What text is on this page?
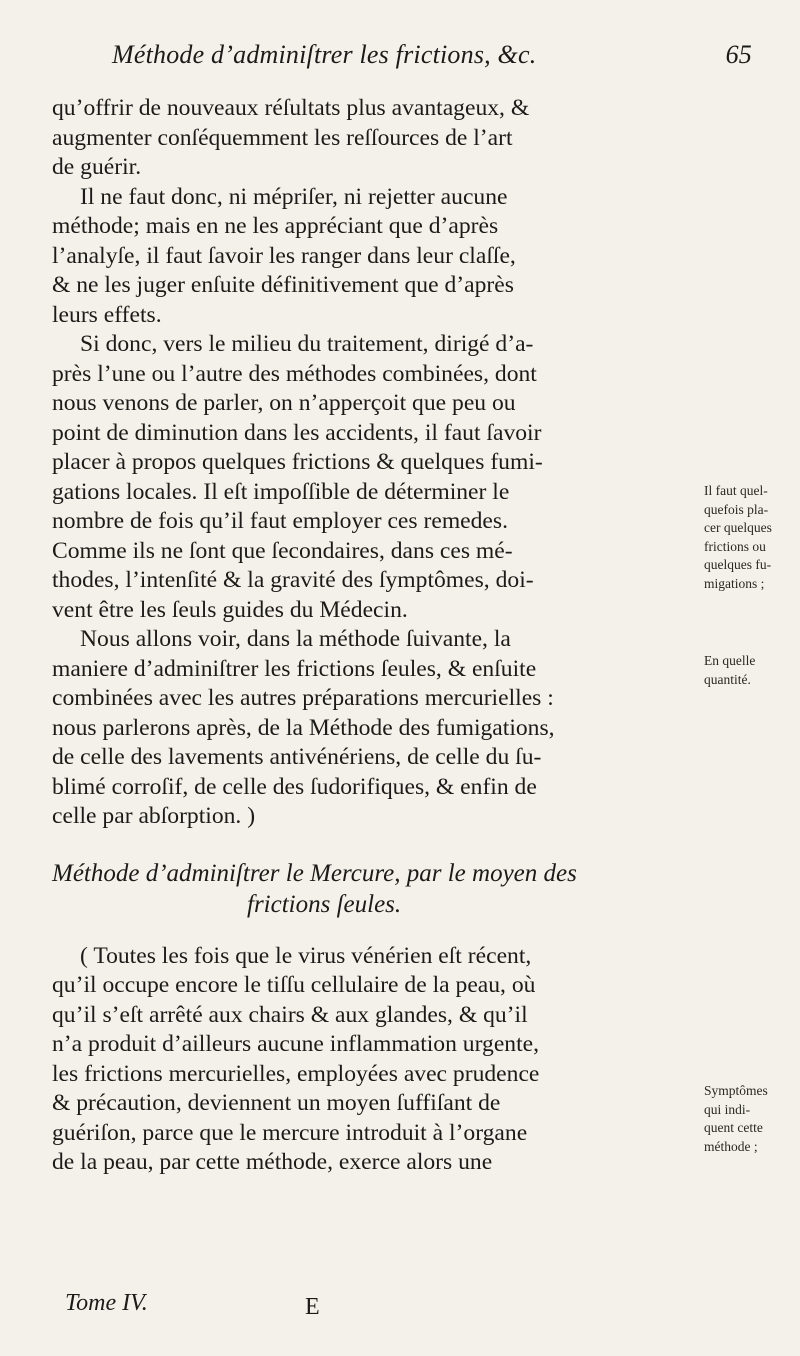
Méthode d’adminiſtrer les frictions, &c.	65
qu’offrir de nouveaux réſultats plus avantageux, &
augmenter conſéquemment les reſſources de l’art
de guérir.
Il ne faut donc, ni mépriſer, ni rejetter aucune
méthode; mais en ne les appréciant que d’après
l’analyſe, il faut ſavoir les ranger dans leur claſſe,
& ne les juger enſuite définitivement que d’après
leurs effets.
Si donc, vers le milieu du traitement, dirigé d’a-
près l’une ou l’autre des méthodes combinées, dont
nous venons de parler, on n’apperçoit que peu ou
point de diminution dans les accidents, il faut ſavoir
placer à propos quelques frictions & quelques fumi-
gations locales. Il eſt impoſſible de déterminer le
nombre de fois qu’il faut employer ces remedes.
Comme ils ne ſont que ſecondaires, dans ces mé-
thodes, l’intenſité & la gravité des ſymptômes, doi-
vent être les ſeuls guides du Médecin.
Nous allons voir, dans la méthode ſuivante, la
maniere d’adminiſtrer les frictions ſeules, & enſuite
combinées avec les autres préparations mercurielles :
nous parlerons après, de la Méthode des fumigations,
de celle des lavements antivénériens, de celle du ſu-
blimé corroſif, de celle des ſudorifiques, & enfin de
celle par abſorption. )
Méthode d’adminiſtrer le Mercure, par le moyen des
frictions ſeules.
( Toutes les fois que le virus vénérien eſt récent,
qu’il occupe encore le tiſſu cellulaire de la peau, où
qu’il s’eſt arrêté aux chairs & aux glandes, & qu’il
n’a produit d’ailleurs aucune inflammation urgente,
les frictions mercurielles, employées avec prudence
& précaution, deviennent un moyen ſuffiſant de
guériſon, parce que le mercure introduit à l’organe
de la peau, par cette méthode, exerce alors une
Il faut quel-
quefois pla-
cer quelques
frictions ou
quelques fu-
migations ;
En quelle
quantité.
Symptômes
qui indi-
quent cette
méthode ;
Tome IV.	E
